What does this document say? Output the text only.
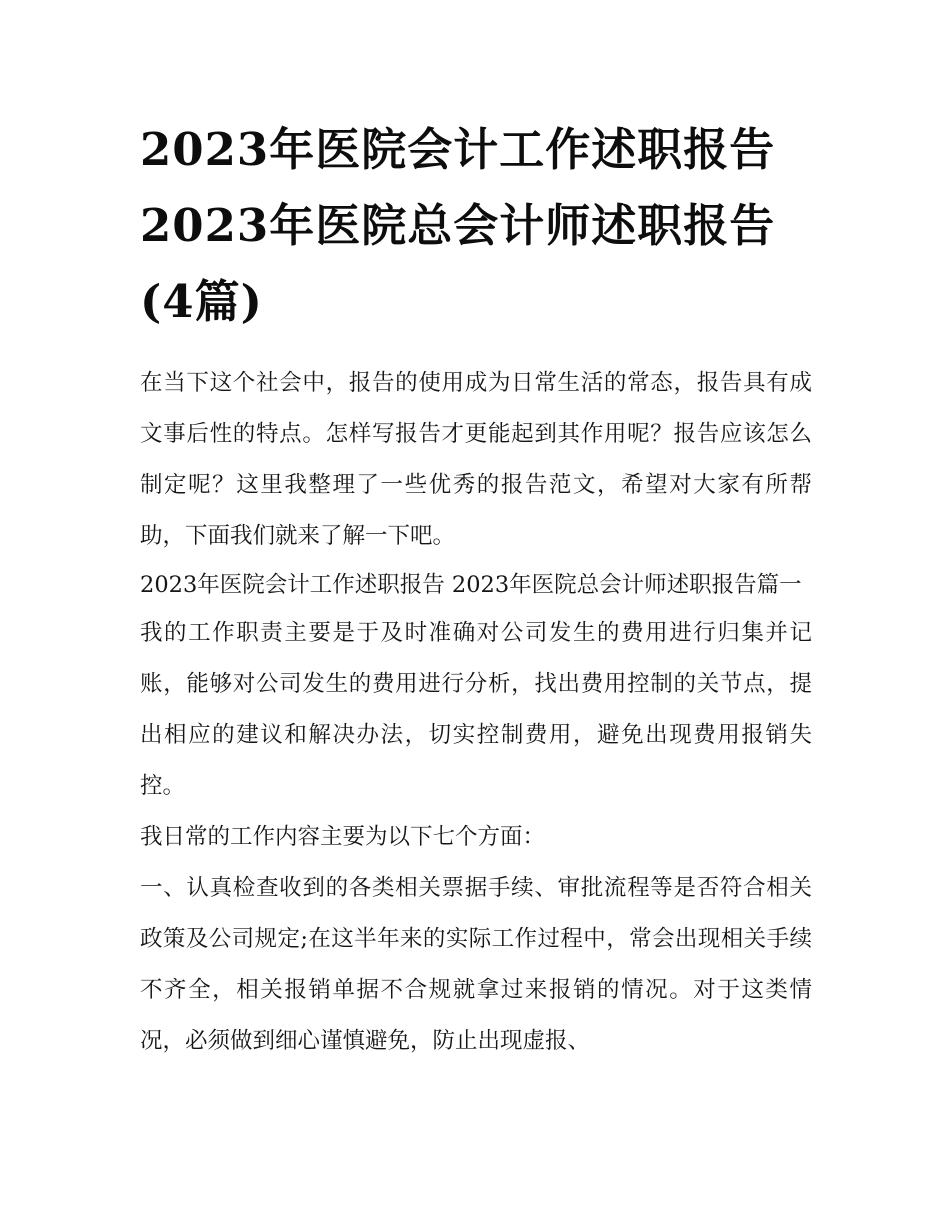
2023年医院会计工作述职报告
2023年医院总会计师述职报告
(4篇)

在当下这个社会中，报告的使用成为日常生活的常态，报告具有成文事后性的特点。怎样写报告才更能起到其作用呢？报告应该怎么制定呢？这里我整理了一些优秀的报告范文，希望对大家有所帮助，下面我们就来了解一下吧。

2023年医院会计工作述职报告 2023年医院总会计师述职报告篇一

我的工作职责主要是于及时准确对公司发生的费用进行归集并记账，能够对公司发生的费用进行分析，找出费用控制的关节点，提出相应的建议和解决办法，切实控制费用，避免出现费用报销失控。

我日常的工作内容主要为以下七个方面：

一、认真检查收到的各类相关票据手续、审批流程等是否符合相关政策及公司规定;在这半年来的实际工作过程中，常会出现相关手续不齐全，相关报销单据不合规就拿过来报销的情况。对于这类情况，必须做到细心谨慎避免，防止出现虚报、
